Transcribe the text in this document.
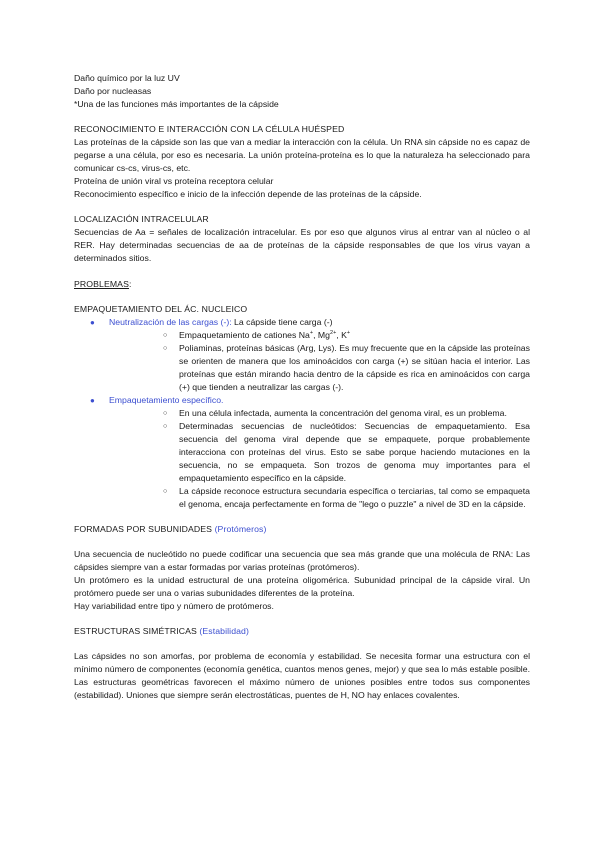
Daño químico por la luz UV
Daño por nucleasas
*Una de las funciones más importantes de la cápside
RECONOCIMIENTO E INTERACCIÓN CON LA CÉLULA HUÉSPED
Las proteínas de la cápside son las que van a mediar la interacción con la célula. Un RNA sin cápside no es capaz de pegarse a una célula, por eso es necesaria. La unión proteína-proteína es lo que la naturaleza ha seleccionado para comunicar cs-cs, virus-cs, etc.
Proteína de unión viral vs proteína receptora celular
Reconocimiento específico e inicio de la infección depende de las proteínas de la cápside.
LOCALIZACIÓN INTRACELULAR
Secuencias de Aa = señales de localización intracelular. Es por eso que algunos virus al entrar van al núcleo o al RER. Hay determinadas secuencias de aa de proteínas de la cápside responsables de que los virus vayan a determinados sitios.
PROBLEMAS:
EMPAQUETAMIENTO DEL ÁC. NUCLEICO
● Neutralización de las cargas (-): La cápside tiene carga (-)
○ Empaquetamiento de cationes Na+, $Mg^{2+}$, K+
○ Poliaminas, proteínas básicas (Arg, Lys). Es muy frecuente que en la cápside las proteínas se orienten de manera que los aminoácidos con carga (+) se sitúan hacia el interior. Las proteínas que están mirando hacia dentro de la cápside es rica en aminoácidos con carga (+) que tienden a neutralizar las cargas (-).
● Empaquetamiento específico.
○ En una célula infectada, aumenta la concentración del genoma viral, es un problema.
○ Determinadas secuencias de nucleótidos: Secuencias de empaquetamiento. Esa secuencia del genoma viral depende que se empaquete, porque probablemente interacciona con proteínas del virus. Esto se sabe porque haciendo mutaciones en la secuencia, no se empaqueta. Son trozos de genoma muy importantes para el empaquetamiento específico en la cápside.
○ La cápside reconoce estructura secundaria específica o terciarias, tal como se empaqueta el genoma, encaja perfectamente en forma de "lego o puzzle" a nivel de 3D en la cápside.
FORMADAS POR SUBUNIDADES (Protómeros)
Una secuencia de nucleótido no puede codificar una secuencia que sea más grande que una molécula de RNA: Las cápsides siempre van a estar formadas por varias proteínas (protómeros).
Un protómero es la unidad estructural de una proteína oligomérica. Subunidad principal de la cápside viral. Un protómero puede ser una o varias subunidades diferentes de la proteína.
Hay variabilidad entre tipo y número de protómeros.
ESTRUCTURAS SIMÉTRICAS (Estabilidad)
Las cápsides no son amorfas, por problema de economía y estabilidad. Se necesita formar una estructura con el mínimo número de componentes (economía genética, cuantos menos genes, mejor) y que sea lo más estable posible. Las estructuras geométricas favorecen el máximo número de uniones posibles entre todos sus componentes (estabilidad). Uniones que siempre serán electrostáticas, puentes de H, NO hay enlaces covalentes.
